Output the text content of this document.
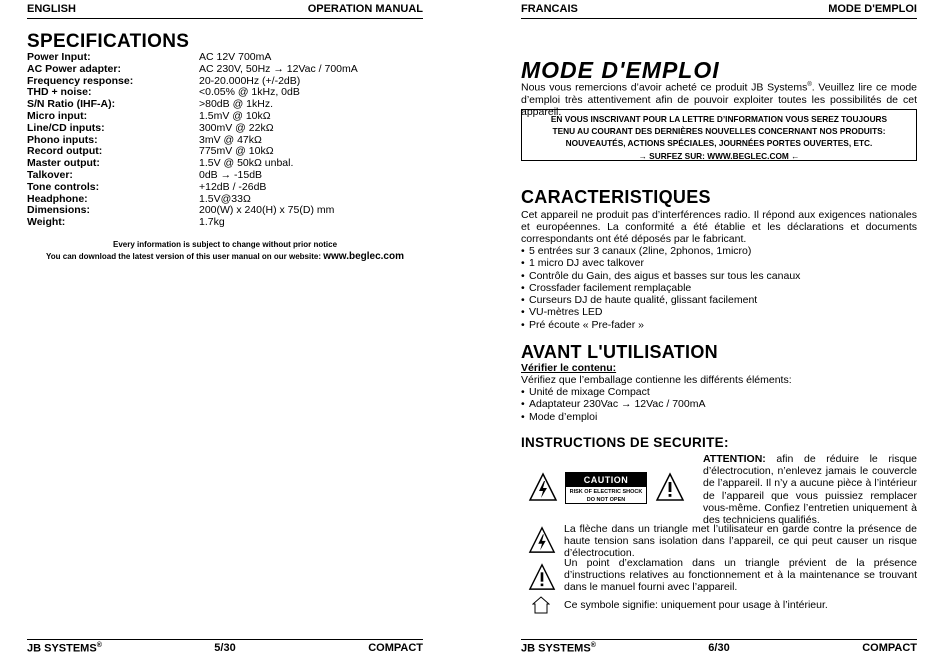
ENGLISH	OPERATION MANUAL
SPECIFICATIONS
Power Input:	AC 12V 700mA
AC Power adapter:	AC 230V, 50Hz → 12Vac / 700mA
Frequency response:	20-20.000Hz (+/-2dB)
THD + noise:	<0.05% @ 1kHz, 0dB
S/N Ratio (IHF-A):	>80dB @ 1kHz.
Micro input:	1.5mV @ 10kΩ
Line/CD inputs:	300mV @ 22kΩ
Phono inputs:	3mV @ 47kΩ
Record output:	775mV @ 10kΩ
Master output:	1.5V @ 50kΩ unbal.
Talkover:	0dB → -15dB
Tone controls:	+12dB / -26dB
Headphone:	1.5V@33Ω
Dimensions:	200(W) x 240(H) x 75(D) mm
Weight:	1.7kg
Every information is subject to change without prior notice
You can download the latest version of this user manual on our website: www.beglec.com
JB SYSTEMS®	5/30	COMPACT
FRANCAIS	MODE D'EMPLOI
MODE D'EMPLOI
Nous vous remercions d’avoir acheté ce produit JB Systems®. Veuillez lire ce mode d’emploi très attentivement afin de pouvoir exploiter toutes les possibilités de cet appareil.
EN VOUS INSCRIVANT POUR LA LETTRE D’INFORMATION VOUS SEREZ TOUJOURS
TENU AU COURANT DES DERNIÈRES NOUVELLES CONCERNANT NOS PRODUITS:
NOUVEAUTÉS, ACTIONS SPÉCIALES, JOURNÉES PORTES OUVERTES, ETC.
→ SURFEZ SUR: WWW.BEGLEC.COM ←
CARACTERISTIQUES
Cet appareil ne produit pas d’interférences radio. Il répond aux exigences nationales et européennes. La conformité a été établie et les déclarations et documents correspondants ont été déposés par le fabricant.
• 5 entrées sur 3 canaux (2line, 2phonos, 1micro)
• 1 micro DJ avec talkover
• Contrôle du Gain, des aigus et basses sur tous les canaux
• Crossfader facilement remplaçable
• Curseurs DJ de haute qualité, glissant facilement
• VU-mètres LED
• Pré écoute « Pre-fader »
AVANT L'UTILISATION
Vérifier le contenu:
Vérifiez que l’emballage contienne les différents éléments:
• Unité de mixage Compact
• Adaptateur 230Vac → 12Vac / 700mA
• Mode d’emploi
INSTRUCTIONS DE SECURITE:
CAUTION
RISK OF ELECTRIC SHOCK
DO NOT OPEN
ATTENTION: afin de réduire le risque d’électrocution, n’enlevez jamais le couvercle de l’appareil. Il n’y a aucune pièce à l’intérieur de l’appareil que vous puissiez remplacer vous-même. Confiez l’entretien uniquement à des techniciens qualifiés.
La flèche dans un triangle met l’utilisateur en garde contre la présence de haute tension sans isolation dans l’appareil, ce qui peut causer un risque d’électrocution.
Un point d’exclamation dans un triangle prévient de la présence d’instructions relatives au fonctionnement et à la maintenance se trouvant dans le manuel fourni avec l’appareil.
Ce symbole signifie: uniquement pour usage à l’intérieur.
JB SYSTEMS®	6/30	COMPACT
